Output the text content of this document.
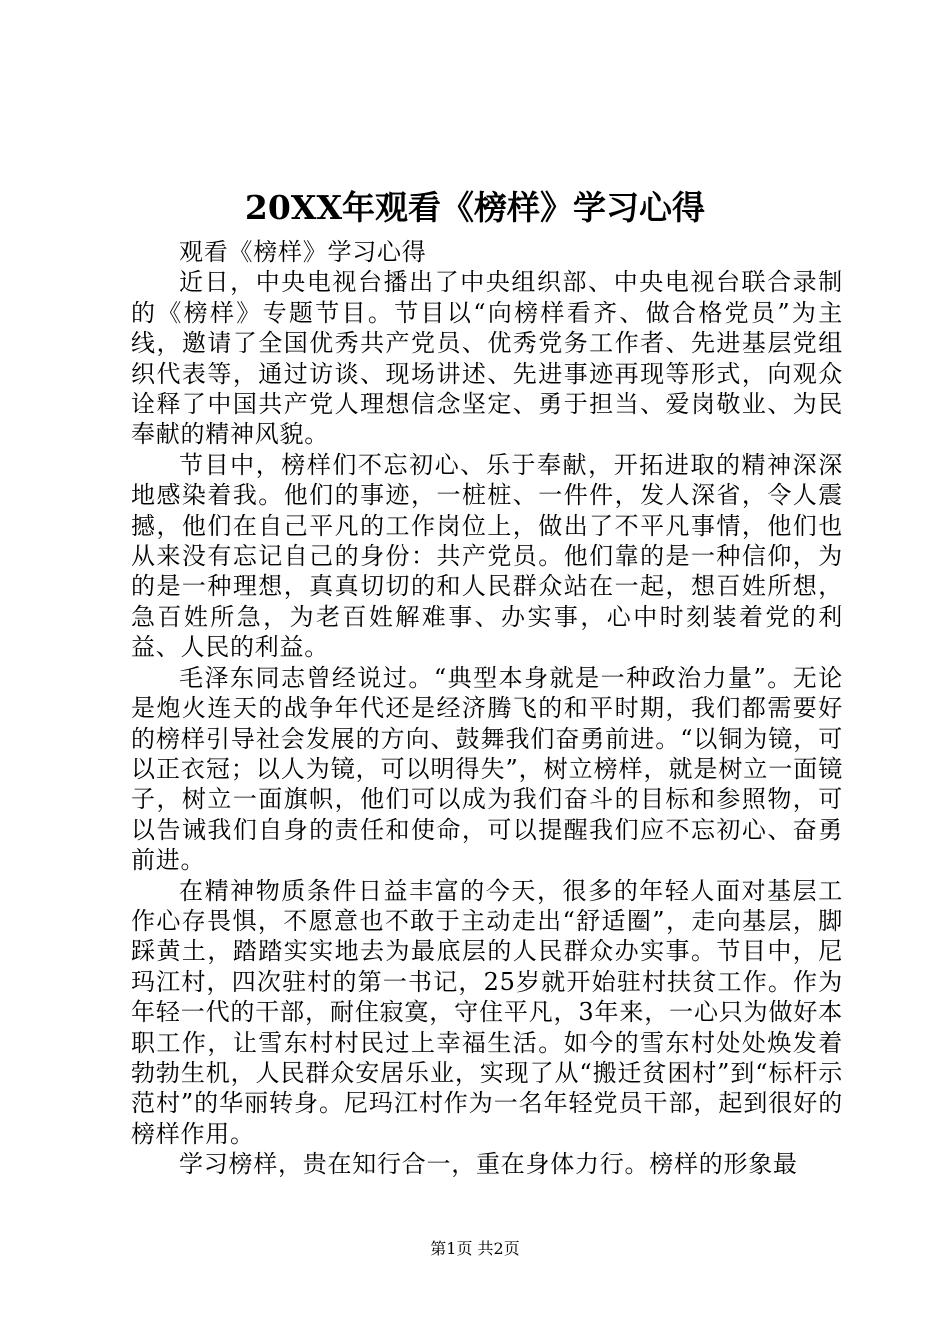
20XX年观看《榜样》学习心得

观看《榜样》学习心得

近日，中央电视台播出了中央组织部、中央电视台联合录制的《榜样》专题节目。节目以“向榜样看齐、做合格党员”为主线，邀请了全国优秀共产党员、优秀党务工作者、先进基层党组织代表等，通过访谈、现场讲述、先进事迹再现等形式，向观众诠释了中国共产党人理想信念坚定、勇于担当、爱岗敬业、为民奉献的精神风貌。

节目中，榜样们不忘初心、乐于奉献，开拓进取的精神深深地感染着我。他们的事迹，一桩桩、一件件，发人深省，令人震撼，他们在自己平凡的工作岗位上，做出了不平凡事情，他们也从来没有忘记自己的身份：共产党员。他们靠的是一种信仰，为的是一种理想，真真切切的和人民群众站在一起，想百姓所想，急百姓所急，为老百姓解难事、办实事，心中时刻装着党的利益、人民的利益。

毛泽东同志曾经说过。“典型本身就是一种政治力量”。无论是炮火连天的战争年代还是经济腾飞的和平时期，我们都需要好的榜样引导社会发展的方向、鼓舞我们奋勇前进。“以铜为镜，可以正衣冠；以人为镜，可以明得失”，树立榜样，就是树立一面镜子，树立一面旗帜，他们可以成为我们奋斗的目标和参照物，可以告诫我们自身的责任和使命，可以提醒我们应不忘初心、奋勇前进。

在精神物质条件日益丰富的今天，很多的年轻人面对基层工作心存畏惧，不愿意也不敢于主动走出“舒适圈”，走向基层，脚踩黄土，踏踏实实地去为最底层的人民群众办实事。节目中，尼玛江村，四次驻村的第一书记，25岁就开始驻村扶贫工作。作为年轻一代的干部，耐住寂寞，守住平凡，3年来，一心只为做好本职工作，让雪东村村民过上幸福生活。如今的雪东村处处焕发着勃勃生机，人民群众安居乐业，实现了从“搬迁贫困村”到“标杆示范村”的华丽转身。尼玛江村作为一名年轻党员干部，起到很好的榜样作用。

学习榜样，贵在知行合一，重在身体力行。榜样的形象最

第1页 共2页
